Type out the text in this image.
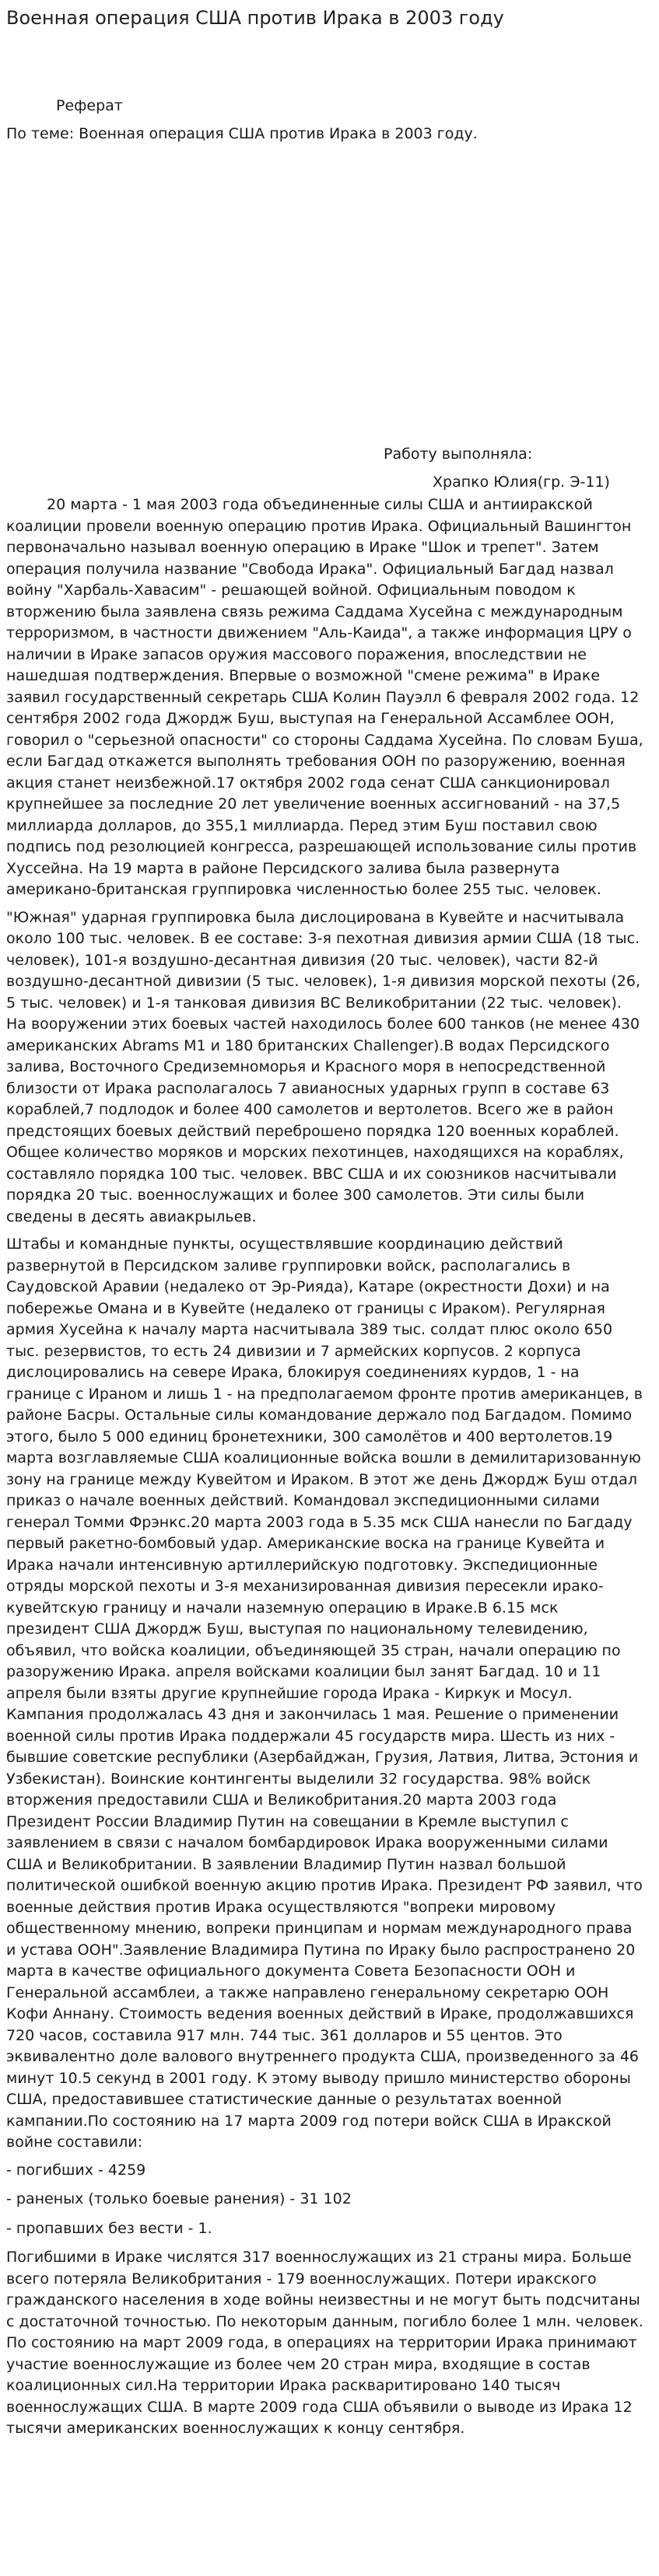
Военная операция США против Ирака в 2003 году

Реферат

По теме: Военная операция США против Ирака в 2003 году.

Работу выполняла:

Храпко Юлия(гр. Э-11)

20 марта - 1 мая 2003 года объединенные силы США и антииракской коалиции провели военную операцию против Ирака. Официальный Вашингтон первоначально называл военную операцию в Ираке "Шок и трепет". Затем операция получила название "Свобода Ирака". Официальный Багдад назвал войну "Харбаль-Хавасим" - решающей войной. Официальным поводом к вторжению была заявлена связь режима Саддама Хусейна с международным терроризмом, в частности движением "Аль-Каида", а также информация ЦРУ о наличии в Ираке запасов оружия массового поражения, впоследствии не нашедшая подтверждения. Впервые о возможной "смене режима" в Ираке заявил государственный секретарь США Колин Пауэлл 6 февраля 2002 года. 12 сентября 2002 года Джордж Буш, выступая на Генеральной Ассамблее ООН, говорил о "серьезной опасности" со стороны Саддама Хусейна. По словам Буша, если Багдад откажется выполнять требования ООН по разоружению, военная акция станет неизбежной.17 октября 2002 года сенат США санкционировал крупнейшее за последние 20 лет увеличение военных ассигнований - на 37,5 миллиарда долларов, до 355,1 миллиарда. Перед этим Буш поставил свою подпись под резолюцией конгресса, разрешающей использование силы против Хуссейна. На 19 марта в районе Персидского залива была развернута американо-британская группировка численностью более 255 тыс. человек.

"Южная" ударная группировка была дислоцирована в Кувейте и насчитывала около 100 тыс. человек. В ее составе: 3-я пехотная дивизия армии США (18 тыс. человек), 101-я воздушно-десантная дивизия (20 тыс. человек), части 82-й воздушно-десантной дивизии (5 тыс. человек), 1-я дивизия морской пехоты (26, 5 тыс. человек) и 1-я танковая дивизия ВС Великобритании (22 тыс. человек). На вооружении этих боевых частей находилось более 600 танков (не менее 430 американских Abrams M1 и 180 британских Challenger).В водах Персидского залива, Восточного Средиземноморья и Красного моря в непосредственной близости от Ирака располагалось 7 авианосных ударных групп в составе 63 кораблей,7 подлодок и более 400 самолетов и вертолетов. Всего же в район предстоящих боевых действий переброшено порядка 120 военных кораблей. Общее количество моряков и морских пехотинцев, находящихся на кораблях, составляло порядка 100 тыс. человек. ВВС США и их союзников насчитывали порядка 20 тыс. военнослужащих и более 300 самолетов. Эти силы были сведены в десять авиакрыльев.

Штабы и командные пункты, осуществлявшие координацию действий развернутой в Персидском заливе группировки войск, располагались в Саудовской Аравии (недалеко от Эр-Рияда), Катаре (окрестности Дохи) и на побережье Омана и в Кувейте (недалеко от границы с Ираком). Регулярная армия Хусейна к началу марта насчитывала 389 тыс. солдат плюс около 650 тыс. резервистов, то есть 24 дивизии и 7 армейских корпусов. 2 корпуса дислоцировались на севере Ирака, блокируя соединениях курдов, 1 - на границе с Ираном и лишь 1 - на предполагаемом фронте против американцев, в районе Басры. Остальные силы командование держало под Багдадом. Помимо этого, было 5 000 единиц бронетехники, 300 самолётов и 400 вертолетов.19 марта возглавляемые США коалиционные войска вошли в демилитаризованную зону на границе между Кувейтом и Ираком. В этот же день Джордж Буш отдал приказ о начале военных действий. Командовал экспедиционными силами генерал Томми Фрэнкс.20 марта 2003 года в 5.35 мск США нанесли по Багдаду первый ракетно-бомбовый удар. Американские воска на границе Кувейта и Ирака начали интенсивную артиллерийскую подготовку. Экспедиционные отряды морской пехоты и 3-я механизированная дивизия пересекли ирако-кувейтскую границу и начали наземную операцию в Ираке.В 6.15 мск президент США Джордж Буш, выступая по национальному телевидению, объявил, что войска коалиции, объединяющей 35 стран, начали операцию по разоружению Ирака. апреля войсками коалиции был занят Багдад. 10 и 11 апреля были взяты другие крупнейшие города Ирака - Киркук и Мосул. Кампания продолжалась 43 дня и закончилась 1 мая. Решение о применении военной силы против Ирака поддержали 45 государств мира. Шесть из них - бывшие советские республики (Азербайджан, Грузия, Латвия, Литва, Эстония и Узбекистан). Воинские контингенты выделили 32 государства. 98% войск вторжения предоставили США и Великобритания.20 марта 2003 года Президент России Владимир Путин на совещании в Кремле выступил с заявлением в связи с началом бомбардировок Ирака вооруженными силами США и Великобритании. В заявлении Владимир Путин назвал большой политической ошибкой военную акцию против Ирака. Президент РФ заявил, что военные действия против Ирака осуществляются "вопреки мировому общественному мнению, вопреки принципам и нормам международного права и устава ООН".Заявление Владимира Путина по Ираку было распространено 20 марта в качестве официального документа Совета Безопасности ООН и Генеральной ассамблеи, а также направлено генеральному секретарю ООН Кофи Аннану. Стоимость ведения военных действий в Ираке, продолжавшихся 720 часов, составила 917 млн. 744 тыс. 361 долларов и 55 центов. Это эквивалентно доле валового внутреннего продукта США, произведенного за 46 минут 10.5 секунд в 2001 году. К этому выводу пришло министерство обороны США, предоставившее статистические данные о результатах военной кампании.По состоянию на 17 марта 2009 год потери войск США в Иракской войне составили:

- погибших - 4259

- раненых (только боевые ранения) - 31 102

- пропавших без вести - 1.

Погибшими в Ираке числятся 317 военнослужащих из 21 страны мира. Больше всего потеряла Великобритания - 179 военнослужащих. Потери иракского гражданского населения в ходе войны неизвестны и не могут быть подсчитаны с достаточной точностью. По некоторым данным, погибло более 1 млн. человек. По состоянию на март 2009 года, в операциях на территории Ирака принимают участие военнослужащие из более чем 20 стран мира, входящие в состав коалиционных сил.На территории Ирака раскваритировано 140 тысяч военнослужащих США. В марте 2009 года США объявили о выводе из Ирака 12 тысячи американских военнослужащих к концу сентября.
